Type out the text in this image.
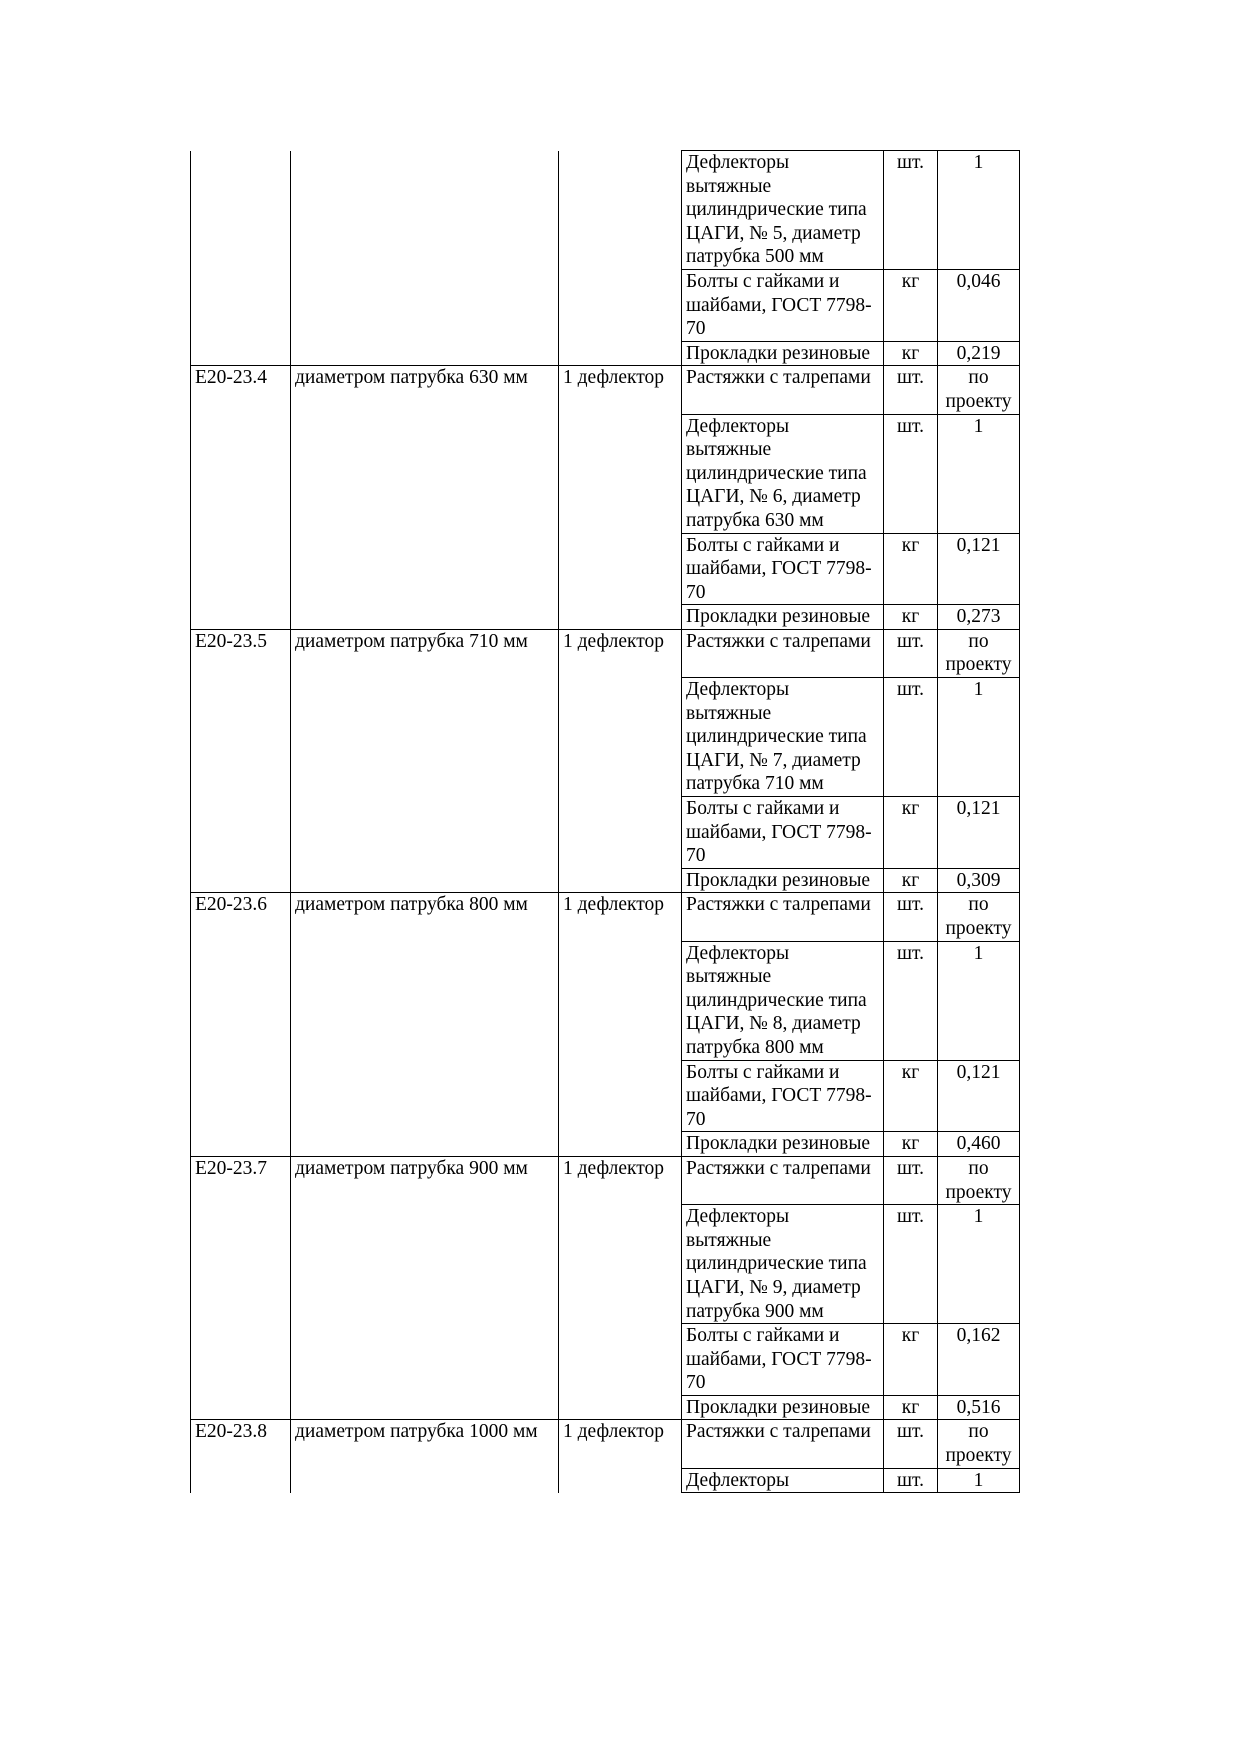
			Дефлекторы вытяжные цилиндрические типа ЦАГИ, № 5, диаметр патрубка 500 мм	шт.	1
			Болты с гайками и шайбами, ГОСТ 7798-70	кг	0,046
			Прокладки резиновые	кг	0,219
Е20-23.4	диаметром патрубка 630 мм	1 дефлектор	Растяжки с талрепами	шт.	по проекту
			Дефлекторы вытяжные цилиндрические типа ЦАГИ, № 6, диаметр патрубка 630 мм	шт.	1
			Болты с гайками и шайбами, ГОСТ 7798-70	кг	0,121
			Прокладки резиновые	кг	0,273
Е20-23.5	диаметром патрубка 710 мм	1 дефлектор	Растяжки с талрепами	шт.	по проекту
			Дефлекторы вытяжные цилиндрические типа ЦАГИ, № 7, диаметр патрубка 710 мм	шт.	1
			Болты с гайками и шайбами, ГОСТ 7798-70	кг	0,121
			Прокладки резиновые	кг	0,309
Е20-23.6	диаметром патрубка 800 мм	1 дефлектор	Растяжки с талрепами	шт.	по проекту
			Дефлекторы вытяжные цилиндрические типа ЦАГИ, № 8, диаметр патрубка 800 мм	шт.	1
			Болты с гайками и шайбами, ГОСТ 7798-70	кг	0,121
			Прокладки резиновые	кг	0,460
Е20-23.7	диаметром патрубка 900 мм	1 дефлектор	Растяжки с талрепами	шт.	по проекту
			Дефлекторы вытяжные цилиндрические типа ЦАГИ, № 9, диаметр патрубка 900 мм	шт.	1
			Болты с гайками и шайбами, ГОСТ 7798-70	кг	0,162
			Прокладки резиновые	кг	0,516
Е20-23.8	диаметром патрубка 1000 мм	1 дефлектор	Растяжки с талрепами	шт.	по проекту
			Дефлекторы	шт.	1
